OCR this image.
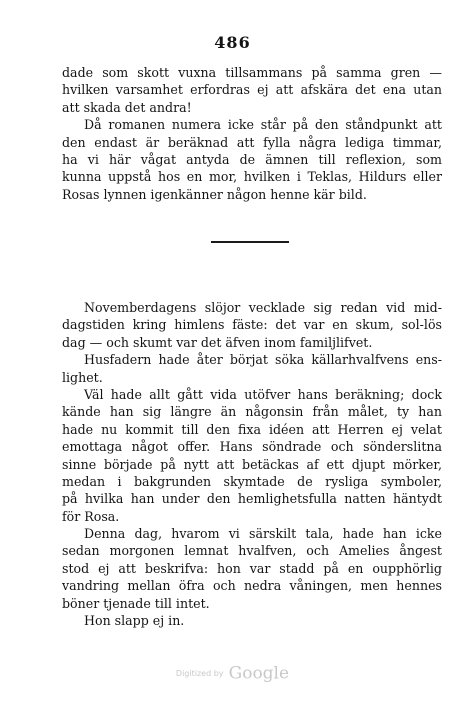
486
dade som skott vuxna tillsammans på samma gren —
hvilken varsamhet erfordras ej att afskära det ena utan
att skada det andra!
Då romanen numera icke står på den ståndpunkt att
den endast är beräknad att fylla några lediga timmar,
ha vi här vågat antyda de ämnen till reflexion, som
kunna uppstå hos en mor, hvilken i Teklas, Hildurs eller
Rosas lynnen igenkänner någon henne kär bild.
Novemberdagens slöjor vecklade sig redan vid mid-
dagstiden kring himlens fäste: det var en skum, sol-lös
dag — och skumt var det äfven inom familjlifvet.
Husfadern hade åter börjat söka källarhvalfvens ens-
lighet.
Väl hade allt gått vida utöfver hans beräkning; dock
kände han sig längre än någonsin från målet, ty han
hade nu kommit till den fixa idéen att Herren ej velat
emottaga något offer. Hans söndrade och sönderslitna
sinne började på nytt att betäckas af ett djupt mörker,
medan i bakgrunden skymtade de rysliga symboler,
på hvilka han under den hemlighetsfulla natten häntydt
för Rosa.
Denna dag, hvarom vi särskilt tala, hade han icke
sedan morgonen lemnat hvalfven, och Amelies ångest
stod ej att beskrifva: hon var stadd på en oupphörlig
vandring mellan öfra och nedra våningen, men hennes
böner tjenade till intet.
Hon slapp ej in.
Digitized by Google
